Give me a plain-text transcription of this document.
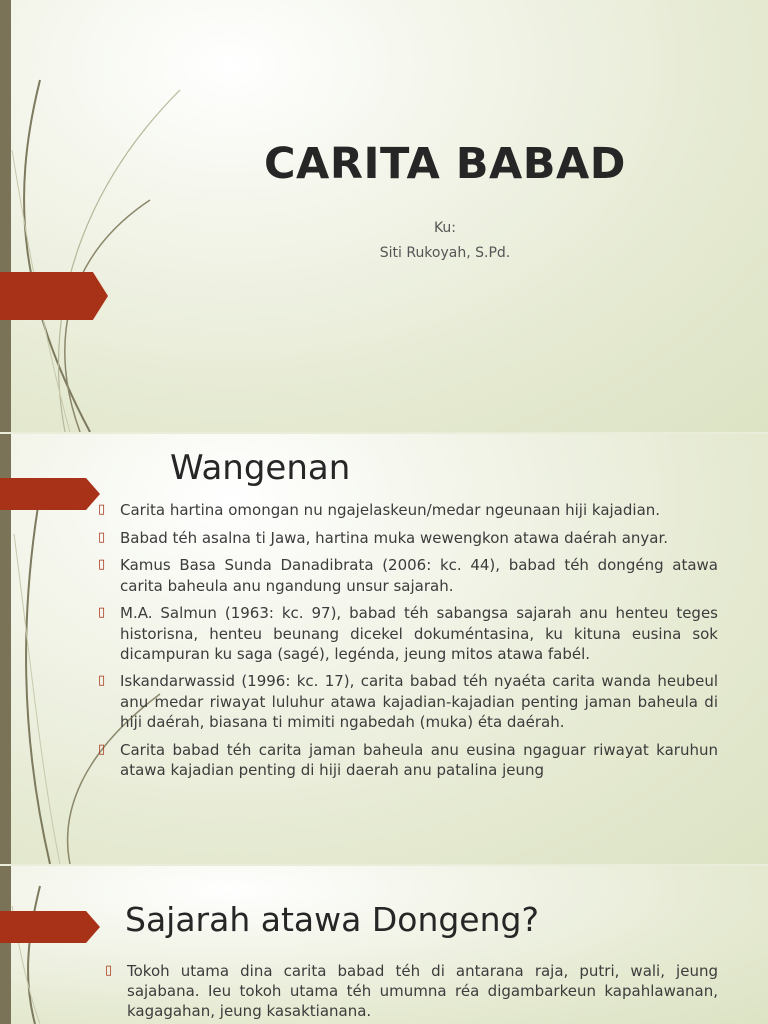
CARITA BABAD
Ku:
Siti Rukoyah, S.Pd.
Wangenan
▯ Carita hartina omongan nu ngajelaskeun/medar ngeunaan hiji kajadian.
▯ Babad téh asalna ti Jawa, hartina muka wewengkon atawa daérah anyar.
▯ Kamus Basa Sunda Danadibrata (2006: kc. 44), babad téh dongéng atawa carita baheula anu ngandung unsur sajarah.
▯ M.A. Salmun (1963: kc. 97), babad téh sabangsa sajarah anu henteu teges historisna, henteu beunang dicekel dokuméntasina, ku kituna eusina sok dicampuran ku saga (sagé), legénda, jeung mitos atawa fabél.
▯ Iskandarwassid (1996: kc. 17), carita babad téh nyaéta carita wanda heubeul anu medar riwayat luluhur atawa kajadian-kajadian penting jaman baheula di hiji daérah, biasana ti mimiti ngabedah (muka) éta daérah.
▯ Carita babad téh carita jaman baheula anu eusina ngaguar riwayat karuhun atawa kajadian penting di hiji daerah anu patalina jeung
Sajarah atawa Dongeng?
▯ Tokoh utama dina carita babad téh di antarana raja, putri, wali, jeung sajabana. Ieu tokoh utama téh umumna réa digambarkeun kapahlawanan, kagagahan, jeung kasaktianana.
